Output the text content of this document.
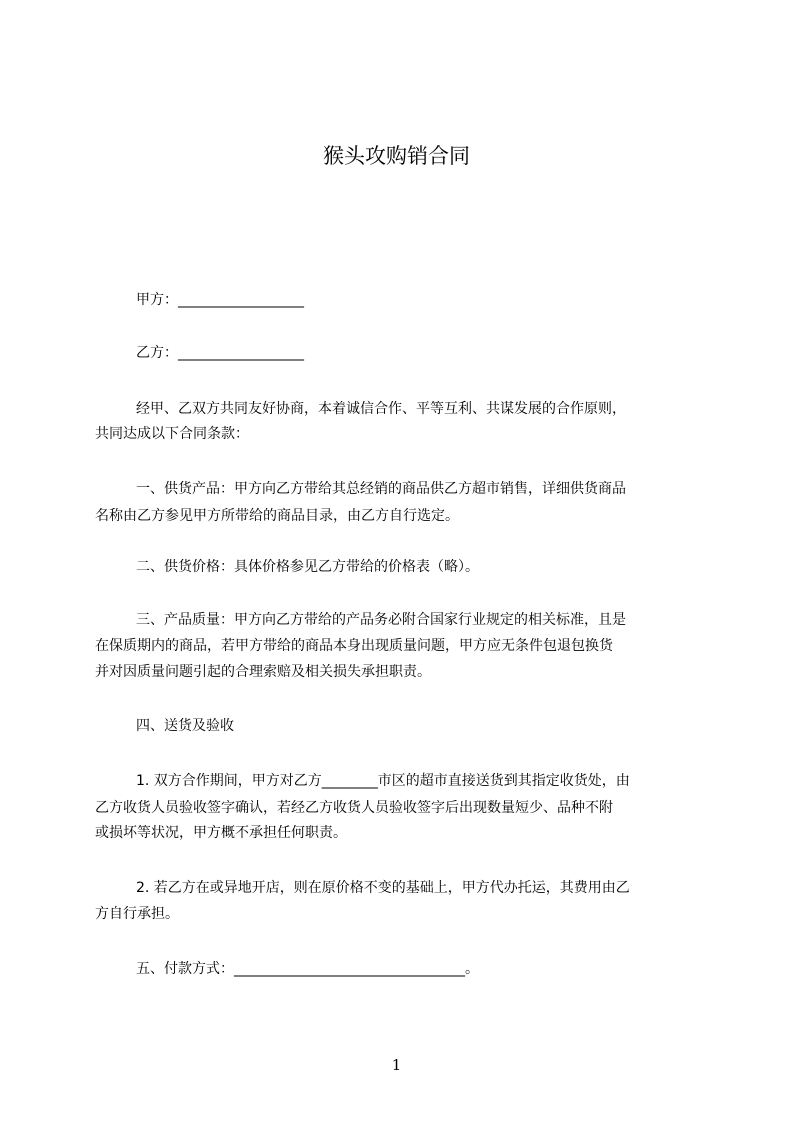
猴头攻购销合同
甲方：__________________
乙方：__________________
经甲、乙双方共同友好协商，本着诚信合作、平等互利、共谋发展的合作原则，
共同达成以下合同条款：
一、供货产品：甲方向乙方带给其总经销的商品供乙方超市销售，详细供货商品
名称由乙方参见甲方所带给的商品目录，由乙方自行选定。
二、供货价格：具体价格参见乙方带给的价格表（略）。
三、产品质量：甲方向乙方带给的产品务必附合国家行业规定的相关标准，且是
在保质期内的商品，若甲方带给的商品本身出现质量问题，甲方应无条件包退包换货
并对因质量问题引起的合理索赔及相关损失承担职责。
四、送货及验收
1. 双方合作期间，甲方对乙方________市区的超市直接送货到其指定收货处，由
乙方收货人员验收签字确认，若经乙方收货人员验收签字后出现数量短少、品种不附
或损坏等状况，甲方概不承担任何职责。
2. 若乙方在或异地开店，则在原价格不变的基础上，甲方代办托运，其费用由乙
方自行承担。
五、付款方式：_________________________________。
1
